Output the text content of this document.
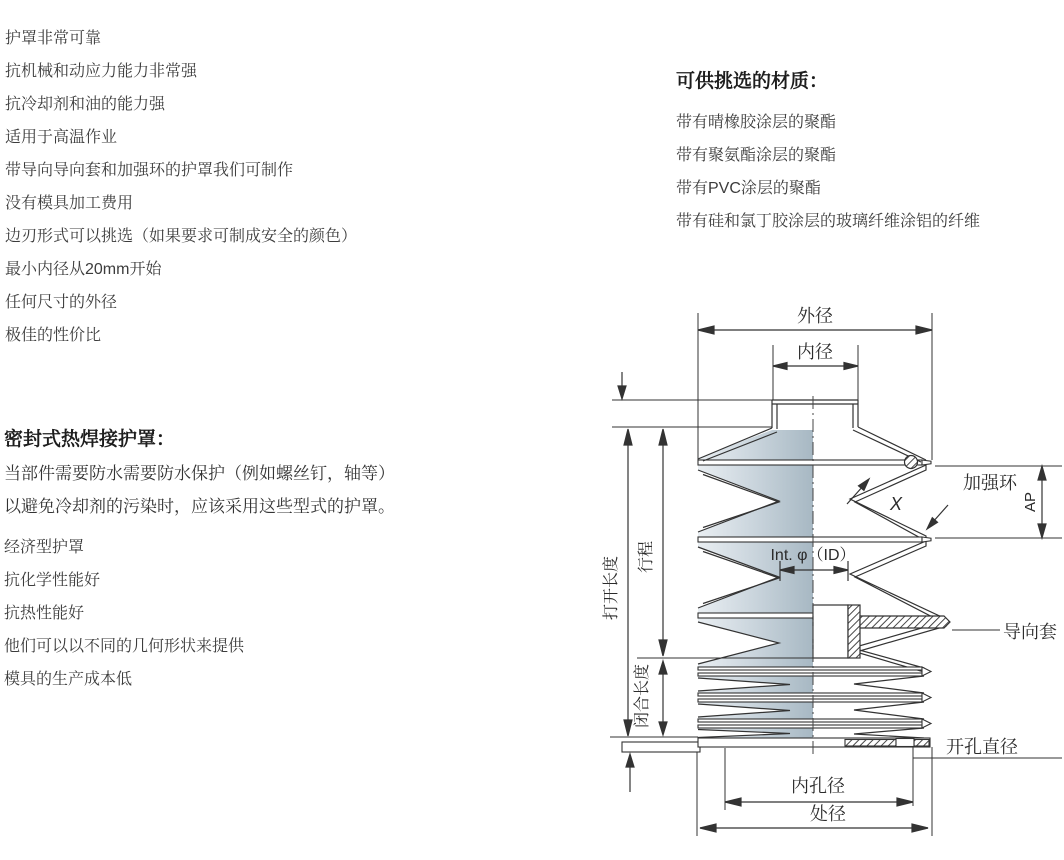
护罩非常可靠
抗机械和动应力能力非常强
抗冷却剂和油的能力强
适用于高温作业
带导向导向套和加强环的护罩我们可制作
没有模具加工费用
边刃形式可以挑选（如果要求可制成安全的颜色）
最小内径从20mm开始
任何尺寸的外径
极佳的性价比
可供挑选的材质：
带有晴橡胶涂层的聚酯
带有聚氨酯涂层的聚酯
带有PVC涂层的聚酯
带有硅和氯丁胶涂层的玻璃纤维涂铝的纤维
密封式热焊接护罩：
当部件需要防水需要防水保护（例如螺丝钉，轴等）
以避免冷却剂的污染时，应该采用这些型式的护罩。
经济型护罩
抗化学性能好
抗热性能好
他们可以以不同的几何形状来提供
模具的生产成本低
外径
内径
Int. φ（ID）
打开长度 行程
闭合长度
AP
X
内孔径
处径
加强环
导向套
开孔直径
